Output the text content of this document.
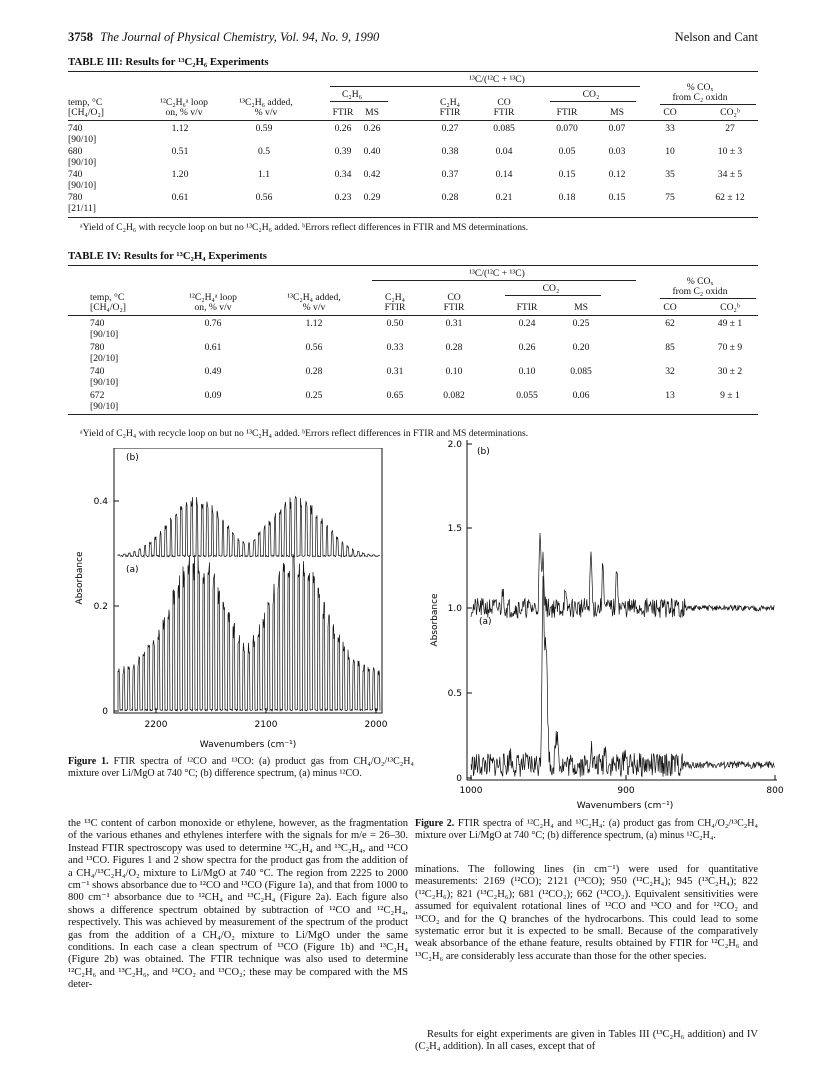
3758 The Journal of Physical Chemistry, Vol. 94, No. 9, 1990	Nelson and Cant
TABLE III: Results for ¹³C₂H₆ Experiments
¹³C/(¹²C + ¹³C)
% COₓ
from C₂ oxidn
C₂H₆
C₂H₄	CO
CO₂
temp, °C
[CH₄/O₂]
¹²C₂H₆ᵃ loop
on, % v/v
¹³C₂H₆ added,
% v/v	FTIR MS	FTIR	FTIR	FTIR	MS	CO	CO₂ᵇ
740
[90/10]
1.12	0.59	0.26 0.26	0.27	0.085	0.070	0.07	33	27
680
[90/10]
0.51	0.5	0.39 0.40	0.38	0.04	0.05	0.03	10	10 ± 3
740
[90/10]
1.20	1.1	0.34 0.42	0.37	0.14	0.15	0.12	35	34 ± 5
780
[21/11]
0.61	0.56	0.23 0.29	0.28	0.21	0.18	0.15	75	62 ± 12
ᵃYield of C₂H₆ with recycle loop on but no ¹³C₂H₆ added. ᵇErrors reflect differences in FTIR and MS determinations.
TABLE IV: Results for ¹³C₂H₄ Experiments
¹³C/(¹²C + ¹³C)
% COₓ
from C₂ oxidn
C₂H₄	CO
CO₂
temp, °C
[CH₄/O₂]
¹²C₂H₄ᵃ loop
on, % v/v
¹³C₂H₄ added,
% v/v	FTIR	FTIR	FTIR	MS	CO	CO₂ᵇ
740
[90/10]
0.76	1.12	0.50	0.31	0.24	0.25	62	49 ± 1
780
[20/10]
0.61	0.56	0.33	0.28	0.26	0.20	85	70 ± 9
740
[90/10]
0.49	0.28	0.31	0.10	0.10	0.085	32	30 ± 2
672
[90/10]
0.09	0.25	0.65	0.082	0.055	0.06	13	9 ± 1
ᵃYield of C₂H₄ with recycle loop on but no ¹³C₂H₄ added. ᵇErrors reflect differences in FTIR and MS determinations.
0
0.2
0.4
2200	2100	2000
Wavenumbers (cm⁻¹)
Absorbance
(b)
(a)
Figure 1. FTIR spectra of ¹²CO and ¹³CO: (a) product gas from CH₄/O₂/¹³C₂H₄ mixture over Li/MgO at 740 °C; (b) difference spectrum, (a) minus ¹²CO.
0
0.5
1.0
1.5
2.0
1000	900	800
Wavenumbers (cm⁻¹)
Absorbance
(b)
(a)
Figure 2. FTIR spectra of ¹²C₂H₄ and ¹³C₂H₄: (a) product gas from CH₄/O₂/¹³C₂H₄ mixture over Li/MgO at 740 °C; (b) difference spectrum, (a) minus ¹²C₂H₄.
the ¹³C content of carbon monoxide or ethylene, however, as the fragmentation of the various ethanes and ethylenes interfere with the signals for m/e = 26–30. Instead FTIR spectroscopy was used to determine ¹²C₂H₄ and ¹³C₂H₄, and ¹²CO and ¹³CO. Figures 1 and 2 show spectra for the product gas from the addition of a CH₄/¹³C₂H₄/O₂ mixture to Li/MgO at 740 °C. The region from 2225 to 2000 cm⁻¹ shows absorbance due to ¹²CO and ¹³CO (Figure 1a), and that from 1000 to 800 cm⁻¹ absorbance due to ¹²CH₄ and ¹³C₂H₄ (Figure 2a). Each figure also shows a difference spectrum obtained by subtraction of ¹²CO and ¹²C₂H₄, respectively. This was achieved by measurement of the spectrum of the product gas from the addition of a CH₄/O₂ mixture to Li/MgO under the same conditions. In each case a clean spectrum of ¹³CO (Figure 1b) and ¹³C₂H₄ (Figure 2b) was obtained. The FTIR technique was also used to determine ¹²C₂H₆ and ¹³C₂H₆, and ¹²CO₂ and ¹³CO₂; these may be compared with the MS deter-
minations. The following lines (in cm⁻¹) were used for quantitative measurements: 2169 (¹²CO); 2121 (¹³CO); 950 (¹²C₂H₄); 945 (¹³C₂H₄); 822 (¹²C₂H₆); 821 (¹³C₂H₆); 681 (¹²CO₂); 662 (¹³CO₂). Equivalent sensitivities were assumed for equivalent rotational lines of ¹²CO and ¹³CO and for ¹²CO₂ and ¹³CO₂ and for the Q branches of the hydrocarbons. This could lead to some systematic error but it is expected to be small. Because of the comparatively weak absorbance of the ethane feature, results obtained by FTIR for ¹²C₂H₆ and ¹³C₂H₆ are considerably less accurate than those for the other species.
Results for eight experiments are given in Tables III (¹³C₂H₆ addition) and IV (C₂H₄ addition). In all cases, except that of
